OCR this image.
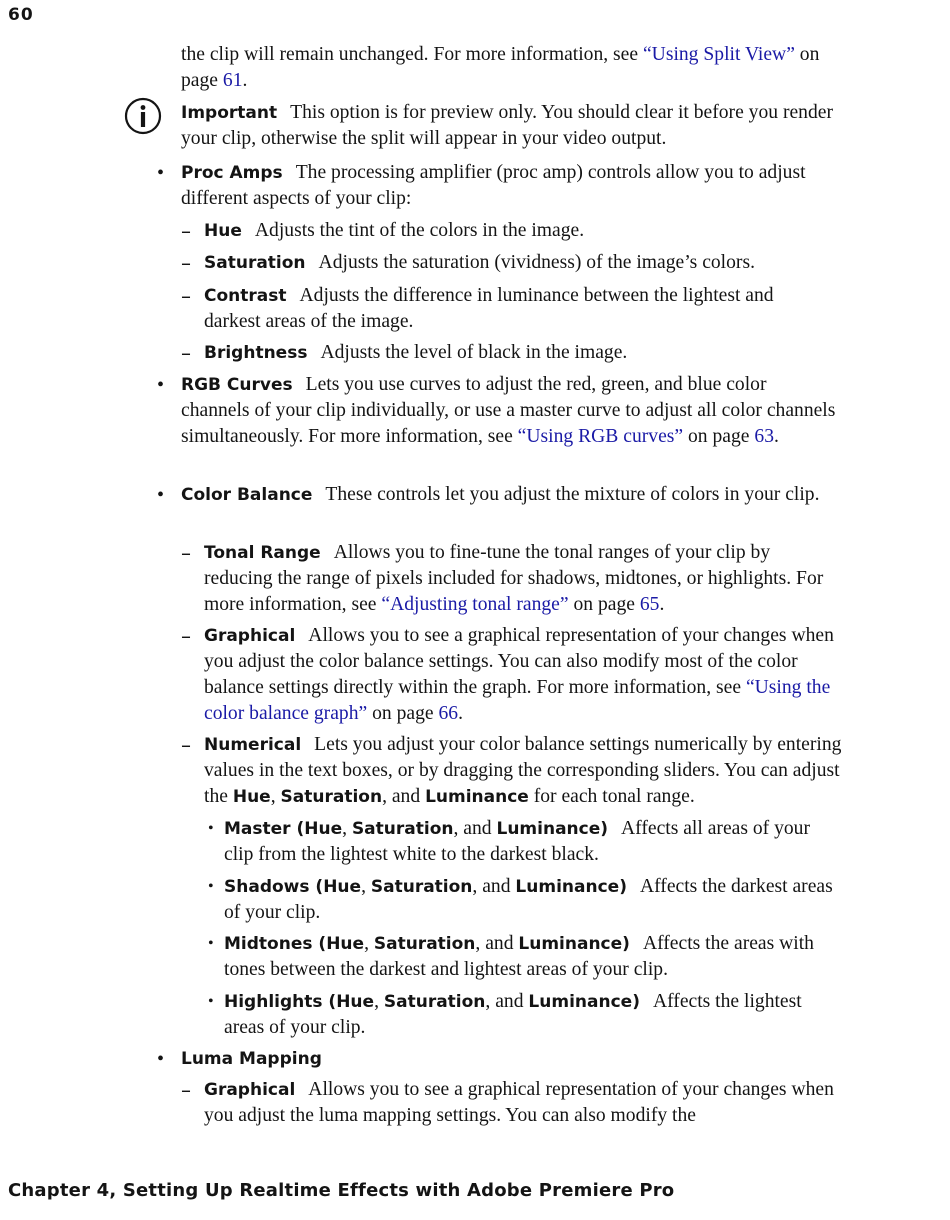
60
the clip will remain unchanged. For more information, see “Using Split View” on page 61.
Important This option is for preview only. You should clear it before you render your clip, otherwise the split will appear in your video output.
• Proc Amps The processing amplifier (proc amp) controls allow you to adjust different aspects of your clip:
– Hue Adjusts the tint of the colors in the image.
– Saturation Adjusts the saturation (vividness) of the image’s colors.
– Contrast Adjusts the difference in luminance between the lightest and darkest areas of the image.
– Brightness Adjusts the level of black in the image.
• RGB Curves Lets you use curves to adjust the red, green, and blue color channels of your clip individually, or use a master curve to adjust all color channels simultaneously. For more information, see “Using RGB curves” on page 63.
• Color Balance These controls let you adjust the mixture of colors in your clip.
– Tonal Range Allows you to fine-tune the tonal ranges of your clip by reducing the range of pixels included for shadows, midtones, or highlights. For more information, see “Adjusting tonal range” on page 65.
– Graphical Allows you to see a graphical representation of your changes when you adjust the color balance settings. You can also modify most of the color balance settings directly within the graph. For more information, see “Using the color balance graph” on page 66.
– Numerical Lets you adjust your color balance settings numerically by entering values in the text boxes, or by dragging the corresponding sliders. You can adjust the Hue, Saturation, and Luminance for each tonal range.
• Master (Hue, Saturation, and Luminance) Affects all areas of your clip from the lightest white to the darkest black.
• Shadows (Hue, Saturation, and Luminance) Affects the darkest areas of your clip.
• Midtones (Hue, Saturation, and Luminance) Affects the areas with tones between the darkest and lightest areas of your clip.
• Highlights (Hue, Saturation, and Luminance) Affects the lightest areas of your clip.
• Luma Mapping
– Graphical Allows you to see a graphical representation of your changes when you adjust the luma mapping settings. You can also modify the
Chapter 4, Setting Up Realtime Effects with Adobe Premiere Pro
